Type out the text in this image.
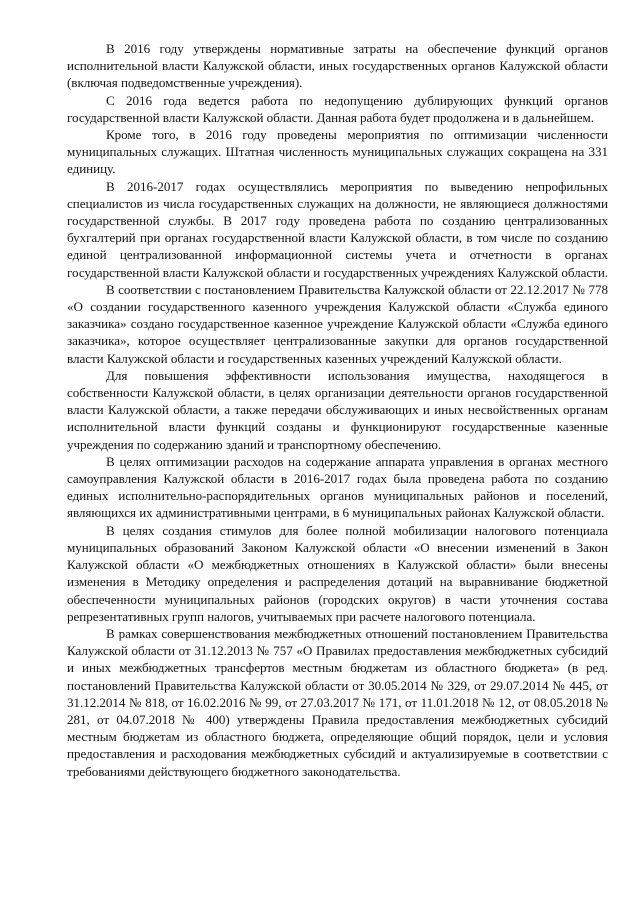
В 2016 году утверждены нормативные затраты на обеспечение функций органов исполнительной власти Калужской области, иных государственных органов Калужской области (включая подведомственные учреждения).

С 2016 года ведется работа по недопущению дублирующих функций органов государственной власти Калужской области. Данная работа будет продолжена и в дальнейшем.

Кроме того, в 2016 году проведены мероприятия по оптимизации численности муниципальных служащих. Штатная численность муниципальных служащих сокращена на 331 единицу.

В 2016-2017 годах осуществлялись мероприятия по выведению непрофильных специалистов из числа государственных служащих на должности, не являющиеся должностями государственной службы. В 2017 году проведена работа по созданию централизованных бухгалтерий при органах государственной власти Калужской области, в том числе по созданию единой централизованной информационной системы учета и отчетности в органах государственной власти Калужской области и государственных учреждениях Калужской области.

В соответствии с постановлением Правительства Калужской области от 22.12.2017 № 778 «О создании государственного казенного учреждения Калужской области «Служба единого заказчика» создано государственное казенное учреждение Калужской области «Служба единого заказчика», которое осуществляет централизованные закупки для органов государственной власти Калужской области и государственных казенных учреждений Калужской области.

Для повышения эффективности использования имущества, находящегося в собственности Калужской области, в целях организации деятельности органов государственной власти Калужской области, а также передачи обслуживающих и иных несвойственных органам исполнительной власти функций созданы и функционируют государственные казенные учреждения по содержанию зданий и транспортному обеспечению.

В целях оптимизации расходов на содержание аппарата управления в органах местного самоуправления Калужской области в 2016-2017 годах была проведена работа по созданию единых исполнительно-распорядительных органов муниципальных районов и поселений, являющихся их административными центрами, в 6 муниципальных районах Калужской области.

В целях создания стимулов для более полной мобилизации налогового потенциала муниципальных образований Законом Калужской области «О внесении изменений в Закон Калужской области «О межбюджетных отношениях в Калужской области» были внесены изменения в Методику определения и распределения дотаций на выравнивание бюджетной обеспеченности муниципальных районов (городских округов) в части уточнения состава репрезентативных групп налогов, учитываемых при расчете налогового потенциала.

В рамках совершенствования межбюджетных отношений постановлением Правительства Калужской области от 31.12.2013 № 757 «О Правилах предоставления межбюджетных субсидий и иных межбюджетных трансфертов местным бюджетам из областного бюджета» (в ред. постановлений Правительства Калужской области от 30.05.2014 № 329, от 29.07.2014 № 445, от 31.12.2014 № 818, от 16.02.2016 № 99, от 27.03.2017 № 171, от 11.01.2018 № 12, от 08.05.2018 № 281, от 04.07.2018 № 400) утверждены Правила предоставления межбюджетных субсидий местным бюджетам из областного бюджета, определяющие общий порядок, цели и условия предоставления и расходования межбюджетных субсидий и актуализируемые в соответствии с требованиями действующего бюджетного законодательства.
